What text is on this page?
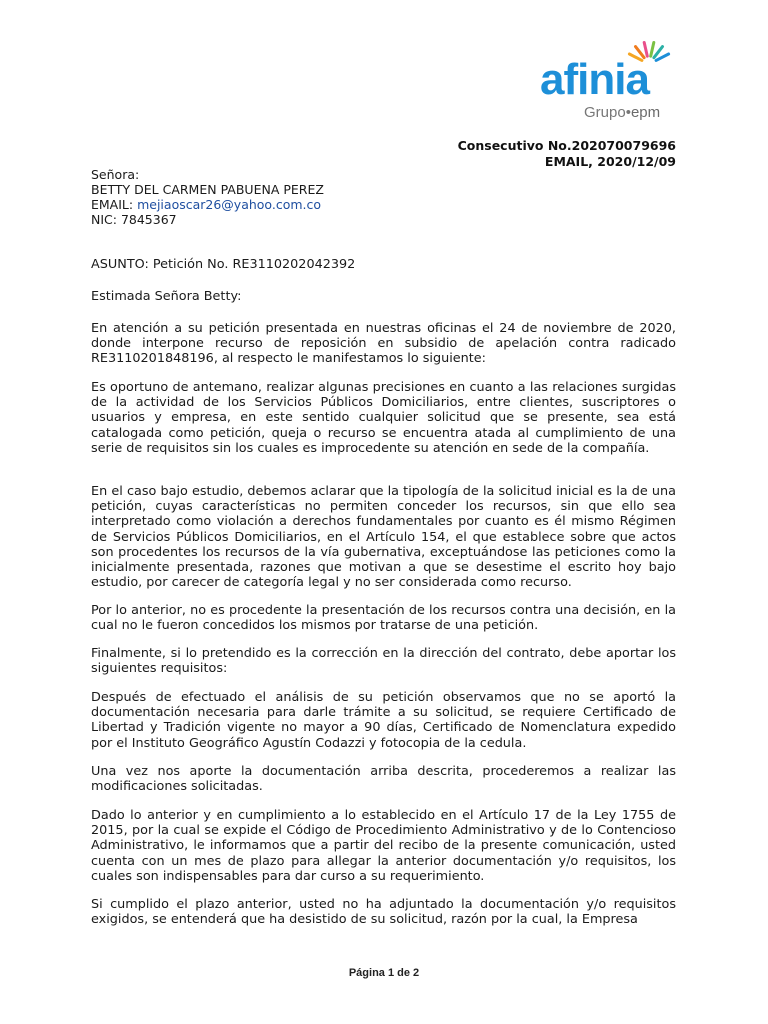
afinia
Grupo•epm
Consecutivo No.202070079696
EMAIL, 2020/12/09
Señora:
BETTY DEL CARMEN PABUENA PEREZ
EMAIL: mejiaoscar26@yahoo.com.co
NIC: 7845367
ASUNTO: Petición No. RE3110202042392
Estimada Señora Betty:

En atención a su petición presentada en nuestras oficinas el 24 de noviembre de 2020, donde interpone recurso de reposición en subsidio de apelación contra radicado RE3110201848196, al respecto le manifestamos lo siguiente:

Es oportuno de antemano, realizar algunas precisiones en cuanto a las relaciones surgidas de la actividad de los Servicios Públicos Domiciliarios, entre clientes, suscriptores o usuarios y empresa, en este sentido cualquier solicitud que se presente, sea está catalogada como petición, queja o recurso se encuentra atada al cumplimiento de una serie de requisitos sin los cuales es improcedente su atención en sede de la compañía.

En el caso bajo estudio, debemos aclarar que la tipología de la solicitud inicial es la de una petición, cuyas características no permiten conceder los recursos, sin que ello sea interpretado como violación a derechos fundamentales por cuanto es él mismo Régimen de Servicios Públicos Domiciliarios, en el Artículo 154, el que establece sobre que actos son procedentes los recursos de la vía gubernativa, exceptuándose las peticiones como la inicialmente presentada, razones que motivan a que se desestime el escrito hoy bajo estudio, por carecer de categoría legal y no ser considerada como recurso.

Por lo anterior, no es procedente la presentación de los recursos contra una decisión, en la cual no le fueron concedidos los mismos por tratarse de una petición.

Finalmente, si lo pretendido es la corrección en la dirección del contrato, debe aportar los siguientes requisitos:

Después de efectuado el análisis de su petición observamos que no se aportó la documentación necesaria para darle trámite a su solicitud, se requiere Certificado de Libertad y Tradición vigente no mayor a 90 días, Certificado de Nomenclatura expedido por el Instituto Geográfico Agustín Codazzi y fotocopia de la cedula.

Una vez nos aporte la documentación arriba descrita, procederemos a realizar las modificaciones solicitadas.

Dado lo anterior y en cumplimiento a lo establecido en el Artículo 17 de la Ley 1755 de 2015, por la cual se expide el Código de Procedimiento Administrativo y de lo Contencioso Administrativo, le informamos que a partir del recibo de la presente comunicación, usted cuenta con un mes de plazo para allegar la anterior documentación y/o requisitos, los cuales son indispensables para dar curso a su requerimiento.

Si cumplido el plazo anterior, usted no ha adjuntado la documentación y/o requisitos exigidos, se entenderá que ha desistido de su solicitud, razón por la cual, la Empresa

Página 1 de 2
